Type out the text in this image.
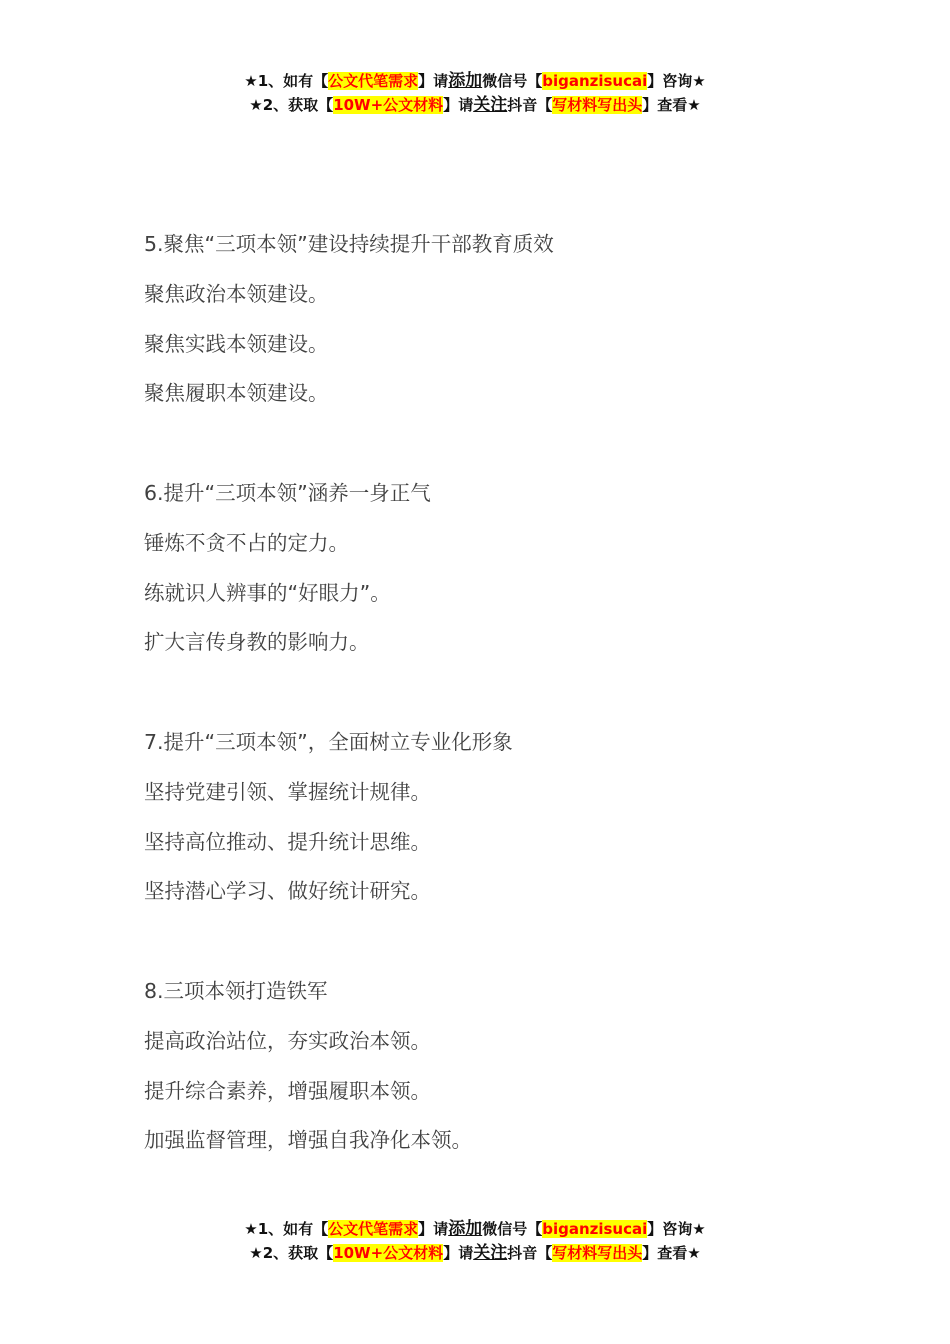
★1、如有【公文代笔需求】请添加微信号【biganzisucai】咨询★
★2、获取【10W+公文材料】请关注抖音【写材料写出头】查看★
5.聚焦“三项本领”建设持续提升干部教育质效
聚焦政治本领建设。
聚焦实践本领建设。
聚焦履职本领建设。
6.提升“三项本领”涵养一身正气
锤炼不贪不占的定力。
练就识人辨事的“好眼力”。
扩大言传身教的影响力。
7.提升“三项本领”，全面树立专业化形象
坚持党建引领、掌握统计规律。
坚持高位推动、提升统计思维。
坚持潜心学习、做好统计研究。
8.三项本领打造铁军
提高政治站位，夯实政治本领。
提升综合素养，增强履职本领。
加强监督管理，增强自我净化本领。
★1、如有【公文代笔需求】请添加微信号【biganzisucai】咨询★
★2、获取【10W+公文材料】请关注抖音【写材料写出头】查看★
